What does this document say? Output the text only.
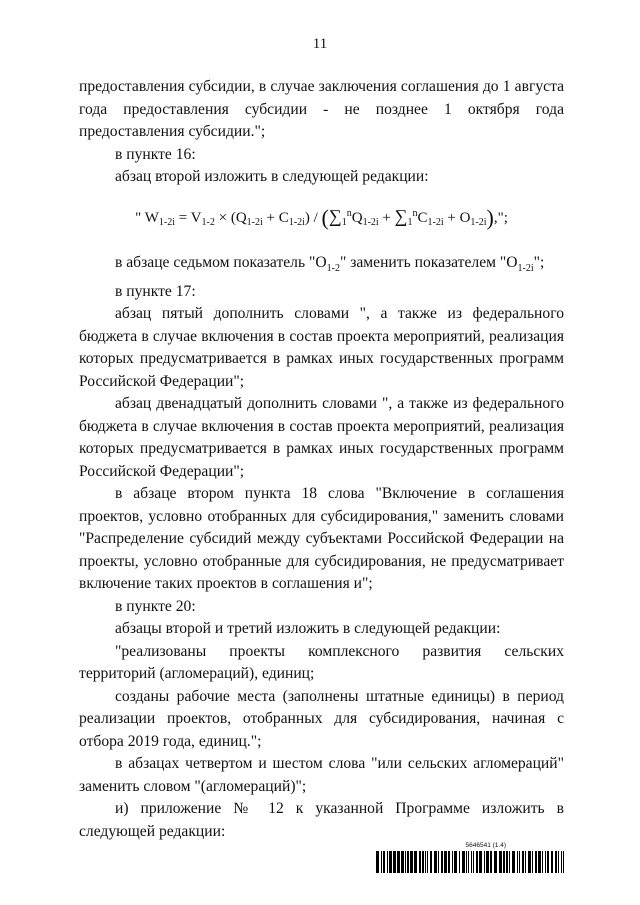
11

предоставления субсидии, в случае заключения соглашения до 1 августа года предоставления субсидии - не позднее 1 октября года предоставления субсидии.";

в пункте 16:

абзац второй изложить в следующей редакции:

" $W_{1-2i} = V_{1-2} \times (Q_{1-2i} + C_{1-2i}) / (\sum_1^nQ_{1-2i} + \sum_1^nC_{1-2i} + O_{1-2i})$,";

в абзаце седьмом показатель "$O_{1-2}$" заменить показателем "$O_{1-2i}$";

в пункте 17:

абзац пятый дополнить словами ", а также из федерального бюджета в случае включения в состав проекта мероприятий, реализация которых предусматривается в рамках иных государственных программ Российской Федерации";

абзац двенадцатый дополнить словами ", а также из федерального бюджета в случае включения в состав проекта мероприятий, реализация которых предусматривается в рамках иных государственных программ Российской Федерации";

в абзаце втором пункта 18 слова "Включение в соглашения проектов, условно отобранных для субсидирования," заменить словами "Распределение субсидий между субъектами Российской Федерации на проекты, условно отобранные для субсидирования, не предусматривает включение таких проектов в соглашения и";

в пункте 20:

абзацы второй и третий изложить в следующей редакции:

"реализованы проекты комплексного развития сельских территорий (агломераций), единиц;

созданы рабочие места (заполнены штатные единицы) в период реализации проектов, отобранных для субсидирования, начиная с отбора 2019 года, единиц.";

в абзацах четвертом и шестом слова "или сельских агломераций" заменить словом "(агломераций)";

и) приложение № 12 к указанной Программе изложить в следующей редакции:

5646541 (1.4)
